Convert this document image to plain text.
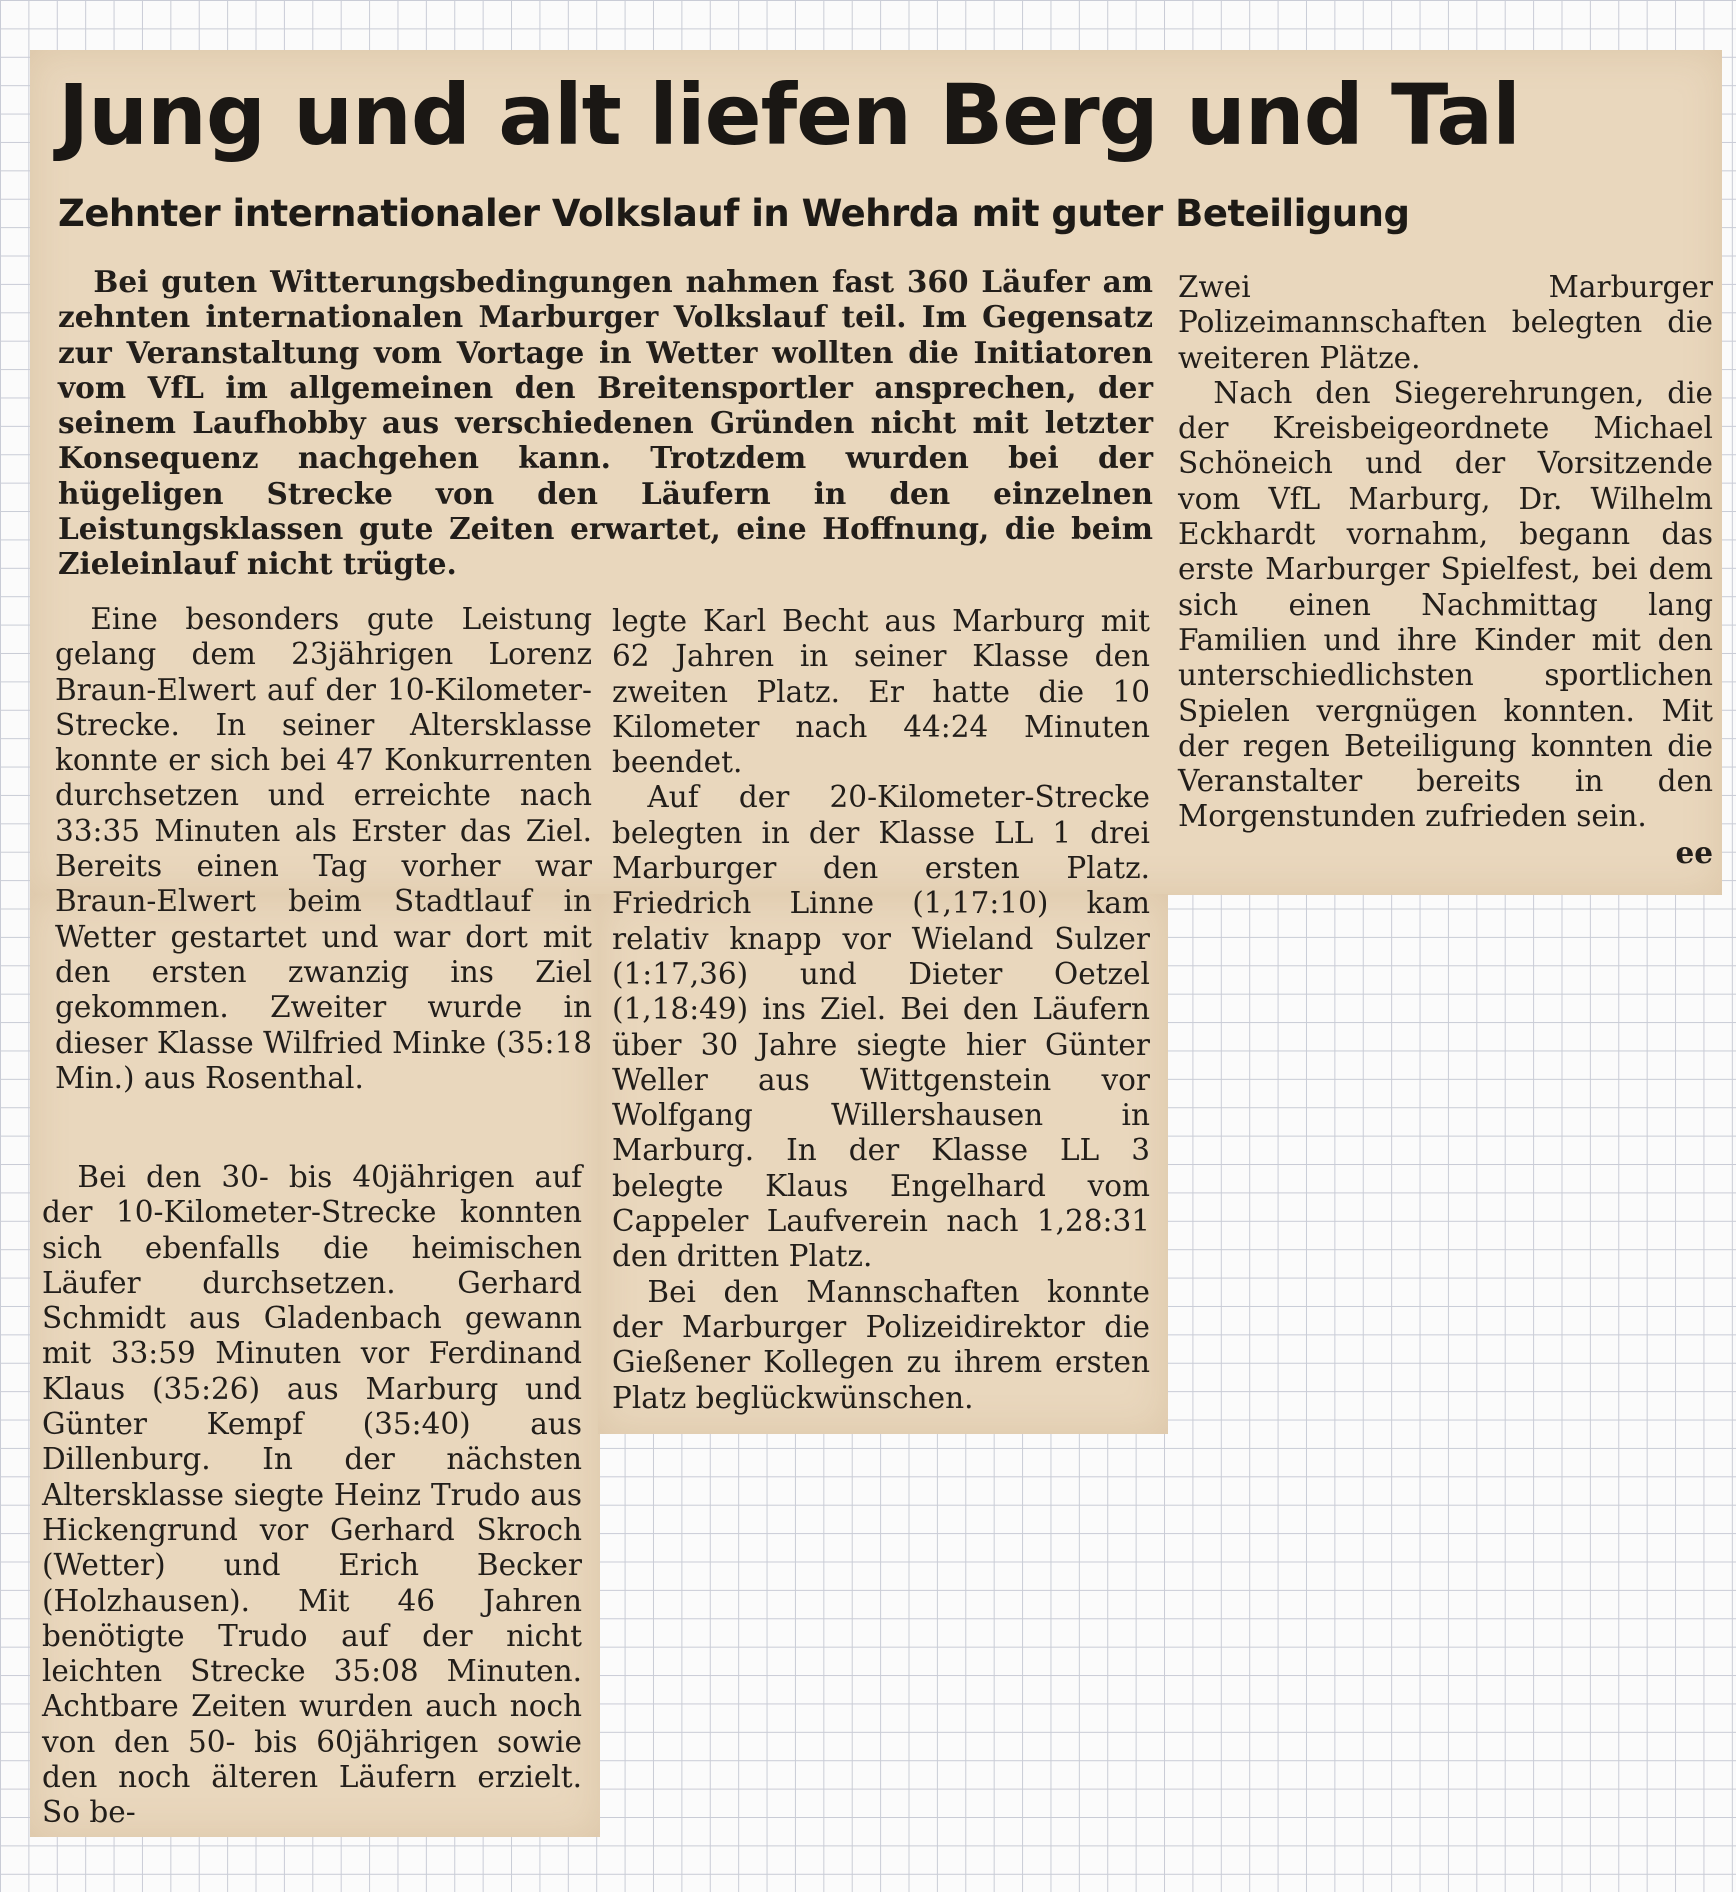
Jung und alt liefen Berg und Tal
Zehnter internationaler Volkslauf in Wehrda mit guter Beteiligung

Bei guten Witterungsbedingungen nahmen fast 360 Läufer am zehnten internationalen Marburger Volkslauf teil. Im Gegensatz zur Veranstaltung vom Vortage in Wetter wollten die Initiatoren vom VfL im allgemeinen den Breitensportler ansprechen, der seinem Laufhobby aus verschiedenen Gründen nicht mit letzter Konsequenz nachgehen kann. Trotzdem wurden bei der hügeligen Strecke von den Läufern in den einzelnen Leistungsklassen gute Zeiten erwartet, eine Hoffnung, die beim Zieleinlauf nicht trügte.

Eine besonders gute Leistung gelang dem 23jährigen Lorenz Braun-Elwert auf der 10-Kilometer-Strecke. In seiner Altersklasse konnte er sich bei 47 Konkurrenten durchsetzen und erreichte nach 33:35 Minuten als Erster das Ziel. Bereits einen Tag vorher war Braun-Elwert beim Stadtlauf in Wetter gestartet und war dort mit den ersten zwanzig ins Ziel gekommen. Zweiter wurde in dieser Klasse Wilfried Minke (35:18 Min.) aus Rosenthal.

Bei den 30- bis 40jährigen auf der 10-Kilometer-Strecke konnten sich ebenfalls die heimischen Läufer durchsetzen. Gerhard Schmidt aus Gladenbach gewann mit 33:59 Minuten vor Ferdinand Klaus (35:26) aus Marburg und Günter Kempf (35:40) aus Dillenburg. In der nächsten Altersklasse siegte Heinz Trudo aus Hickengrund vor Gerhard Skroch (Wetter) und Erich Becker (Holzhausen). Mit 46 Jahren benötigte Trudo auf der nicht leichten Strecke 35:08 Minuten. Achtbare Zeiten wurden auch noch von den 50- bis 60jährigen sowie den noch älteren Läufern erzielt. So be-

legte Karl Becht aus Marburg mit 62 Jahren in seiner Klasse den zweiten Platz. Er hatte die 10 Kilometer nach 44:24 Minuten beendet.

Auf der 20-Kilometer-Strecke belegten in der Klasse LL 1 drei Marburger den ersten Platz. Friedrich Linne (1,17:10) kam relativ knapp vor Wieland Sulzer (1:17,36) und Dieter Oetzel (1,18:49) ins Ziel. Bei den Läufern über 30 Jahre siegte hier Günter Weller aus Wittgenstein vor Wolfgang Willershausen in Marburg. In der Klasse LL 3 belegte Klaus Engelhard vom Cappeler Laufverein nach 1,28:31 den dritten Platz.

Bei den Mannschaften konnte der Marburger Polizeidirektor die Gießener Kollegen zu ihrem ersten Platz beglückwünschen.

Zwei Marburger Polizeimannschaften belegten die weiteren Plätze.

Nach den Siegerehrungen, die der Kreisbeigeordnete Michael Schöneich und der Vorsitzende vom VfL Marburg, Dr. Wilhelm Eckhardt vornahm, begann das erste Marburger Spielfest, bei dem sich einen Nachmittag lang Familien und ihre Kinder mit den unterschiedlichsten sportlichen Spielen vergnügen konnten. Mit der regen Beteiligung konnten die Veranstalter bereits in den Morgenstunden zufrieden sein.
ee
